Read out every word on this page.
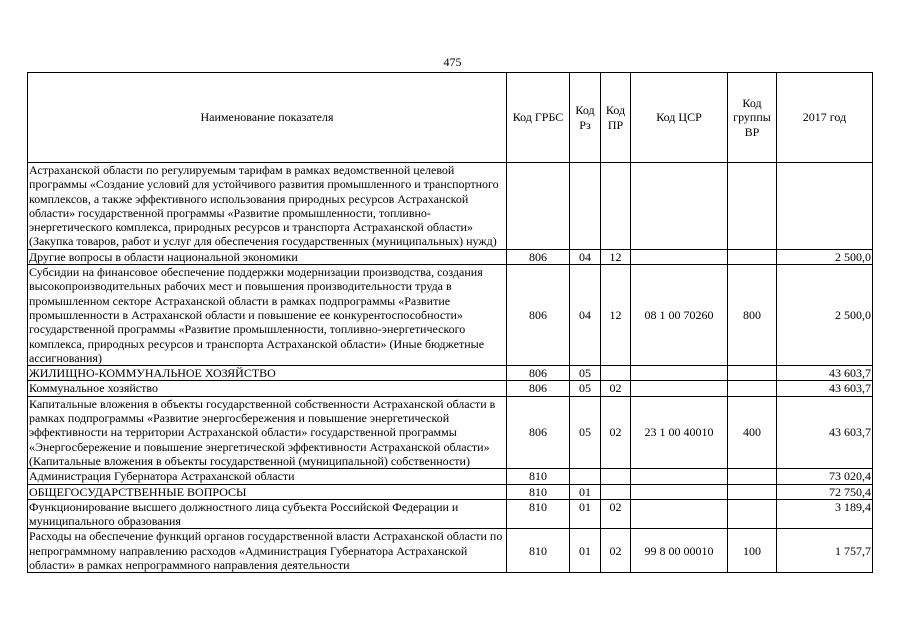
475
Наименование показателя	Код ГРБС	Код Рз	Код ПР	Код ЦСР	Код группы ВР	2017 год
Астраханской области по регулируемым тарифам в рамках ведомственной целевой программы «Создание условий для устойчивого развития промышленного и транспортного комплексов, а также эффективного использования природных ресурсов Астраханской области» государственной программы «Развитие промышленности, топливно-энергетического комплекса, природных ресурсов и транспорта Астраханской области» (Закупка товаров, работ и услуг для обеспечения государственных (муниципальных) нужд)						
Другие вопросы в области национальной экономики	806	04	12			2 500,0
Субсидии на финансовое обеспечение поддержки модернизации производства, создания высокопроизводительных рабочих мест и повышения производительности труда в промышленном секторе Астраханской области в рамках подпрограммы «Развитие промышленности в Астраханской области и повышение ее конкурентоспособности» государственной программы «Развитие промышленности, топливно-энергетического комплекса, природных ресурсов и транспорта Астраханской области» (Иные бюджетные ассигнования)	806	04	12	08 1 00 70260	800	2 500,0
ЖИЛИЩНО-КОММУНАЛЬНОЕ ХОЗЯЙСТВО	806	05				43 603,7
Коммунальное хозяйство	806	05	02			43 603,7
Капитальные вложения в объекты государственной собственности Астраханской области в рамках подпрограммы «Развитие энергосбережения и повышение энергетической эффективности на территории Астраханской области» государственной программы «Энергосбережение и повышение энергетической эффективности Астраханской области» (Капитальные вложения в объекты государственной (муниципальной) собственности)	806	05	02	23 1 00 40010	400	43 603,7
Администрация Губернатора Астраханской области	810					73 020,4
ОБЩЕГОСУДАРСТВЕННЫЕ ВОПРОСЫ	810	01				72 750,4
Функционирование высшего должностного лица субъекта Российской Федерации и муниципального образования	810	01	02			3 189,4
Расходы на обеспечение функций органов государственной власти Астраханской области по непрограммному направлению расходов «Администрация Губернатора Астраханской области» в рамках непрограммного направления деятельности	810	01	02	99 8 00 00010	100	1 757,7
